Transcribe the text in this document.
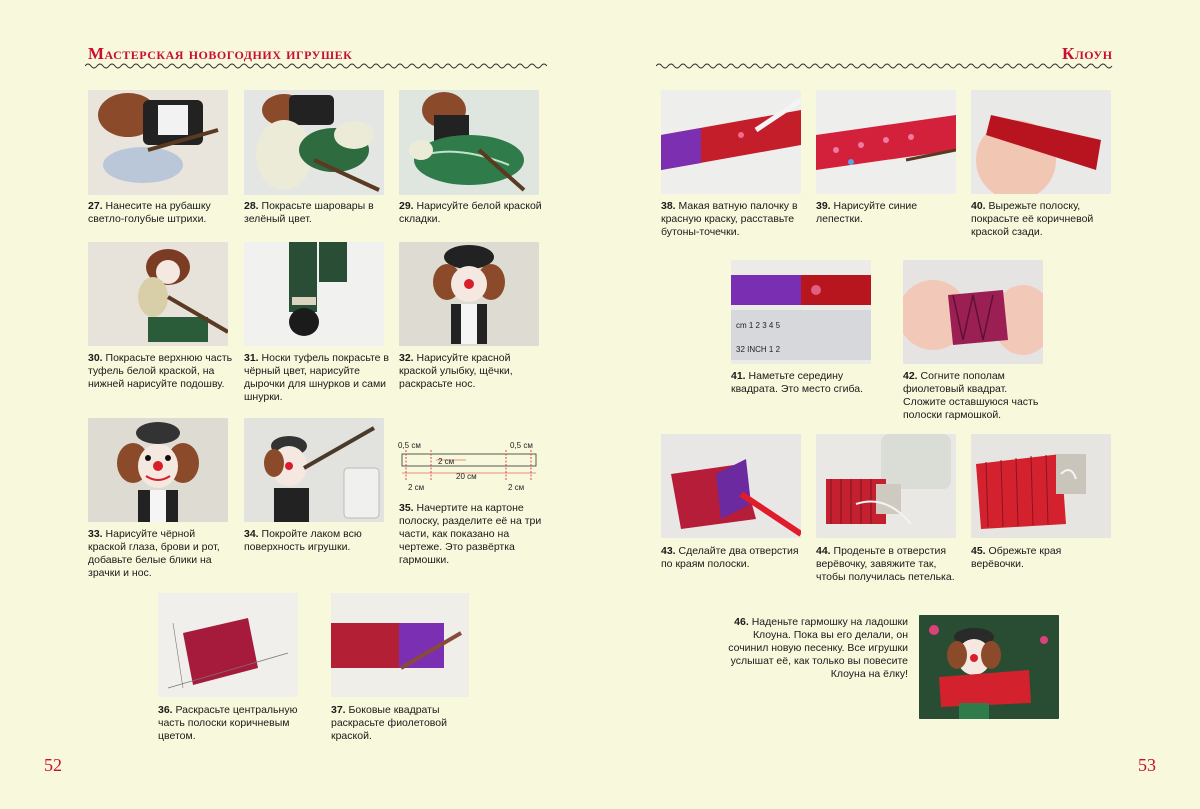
Мастерская новогодних игрушек
27. Нанесите на рубашку светло-голубые штрихи.
28. Покрасьте шаровары в зелёный цвет.
29. Нарисуйте белой краской складки.
30. Покрасьте верхнюю часть туфель белой краской, на нижней нарисуйте подошву.
31. Носки туфель покрасьте в чёрный цвет, нарисуйте дырочки для шнурков и сами шнурки.
32. Нарисуйте красной краской улыбку, щёчки, раскрасьте нос.
33. Нарисуйте чёрной краской глаза, брови и рот, добавьте белые блики на зрачки и нос.
34. Покройте лаком всю поверхность игрушки.
0,5 см	0,5 см
2 см
20 см
2 см	2 см
35. Начертите на картоне полоску, разделите её на три части, как показано на чертеже. Это развёртка гармошки.
36. Раскрасьте центральную часть полоски коричневым цветом.
37. Боковые квадраты раскрасьте фиолетовой краской.
52
Клоун
38. Макая ватную палочку в красную краску, расставьте бутоны-точечки.
39. Нарисуйте синие лепестки.
40. Вырежьте полоску, покрасьте её коричневой краской сзади.
cm 1 2 3 4 5
32 INCH 1 2
41. Наметьте середину квадрата. Это место сгиба.
42. Согните пополам фиолетовый квадрат. Сложите оставшуюся часть полоски гармошкой.
43. Сделайте два отверстия по краям полоски.
44. Проденьте в отверстия верёвочку, завяжите так, чтобы получилась петелька.
45. Обрежьте края верёвочки.
46. Наденьте гармошку на ладошки Клоуна. Пока вы его делали, он сочинил новую песенку. Все игрушки услышат её, как только вы повесите Клоуна на ёлку!
53
